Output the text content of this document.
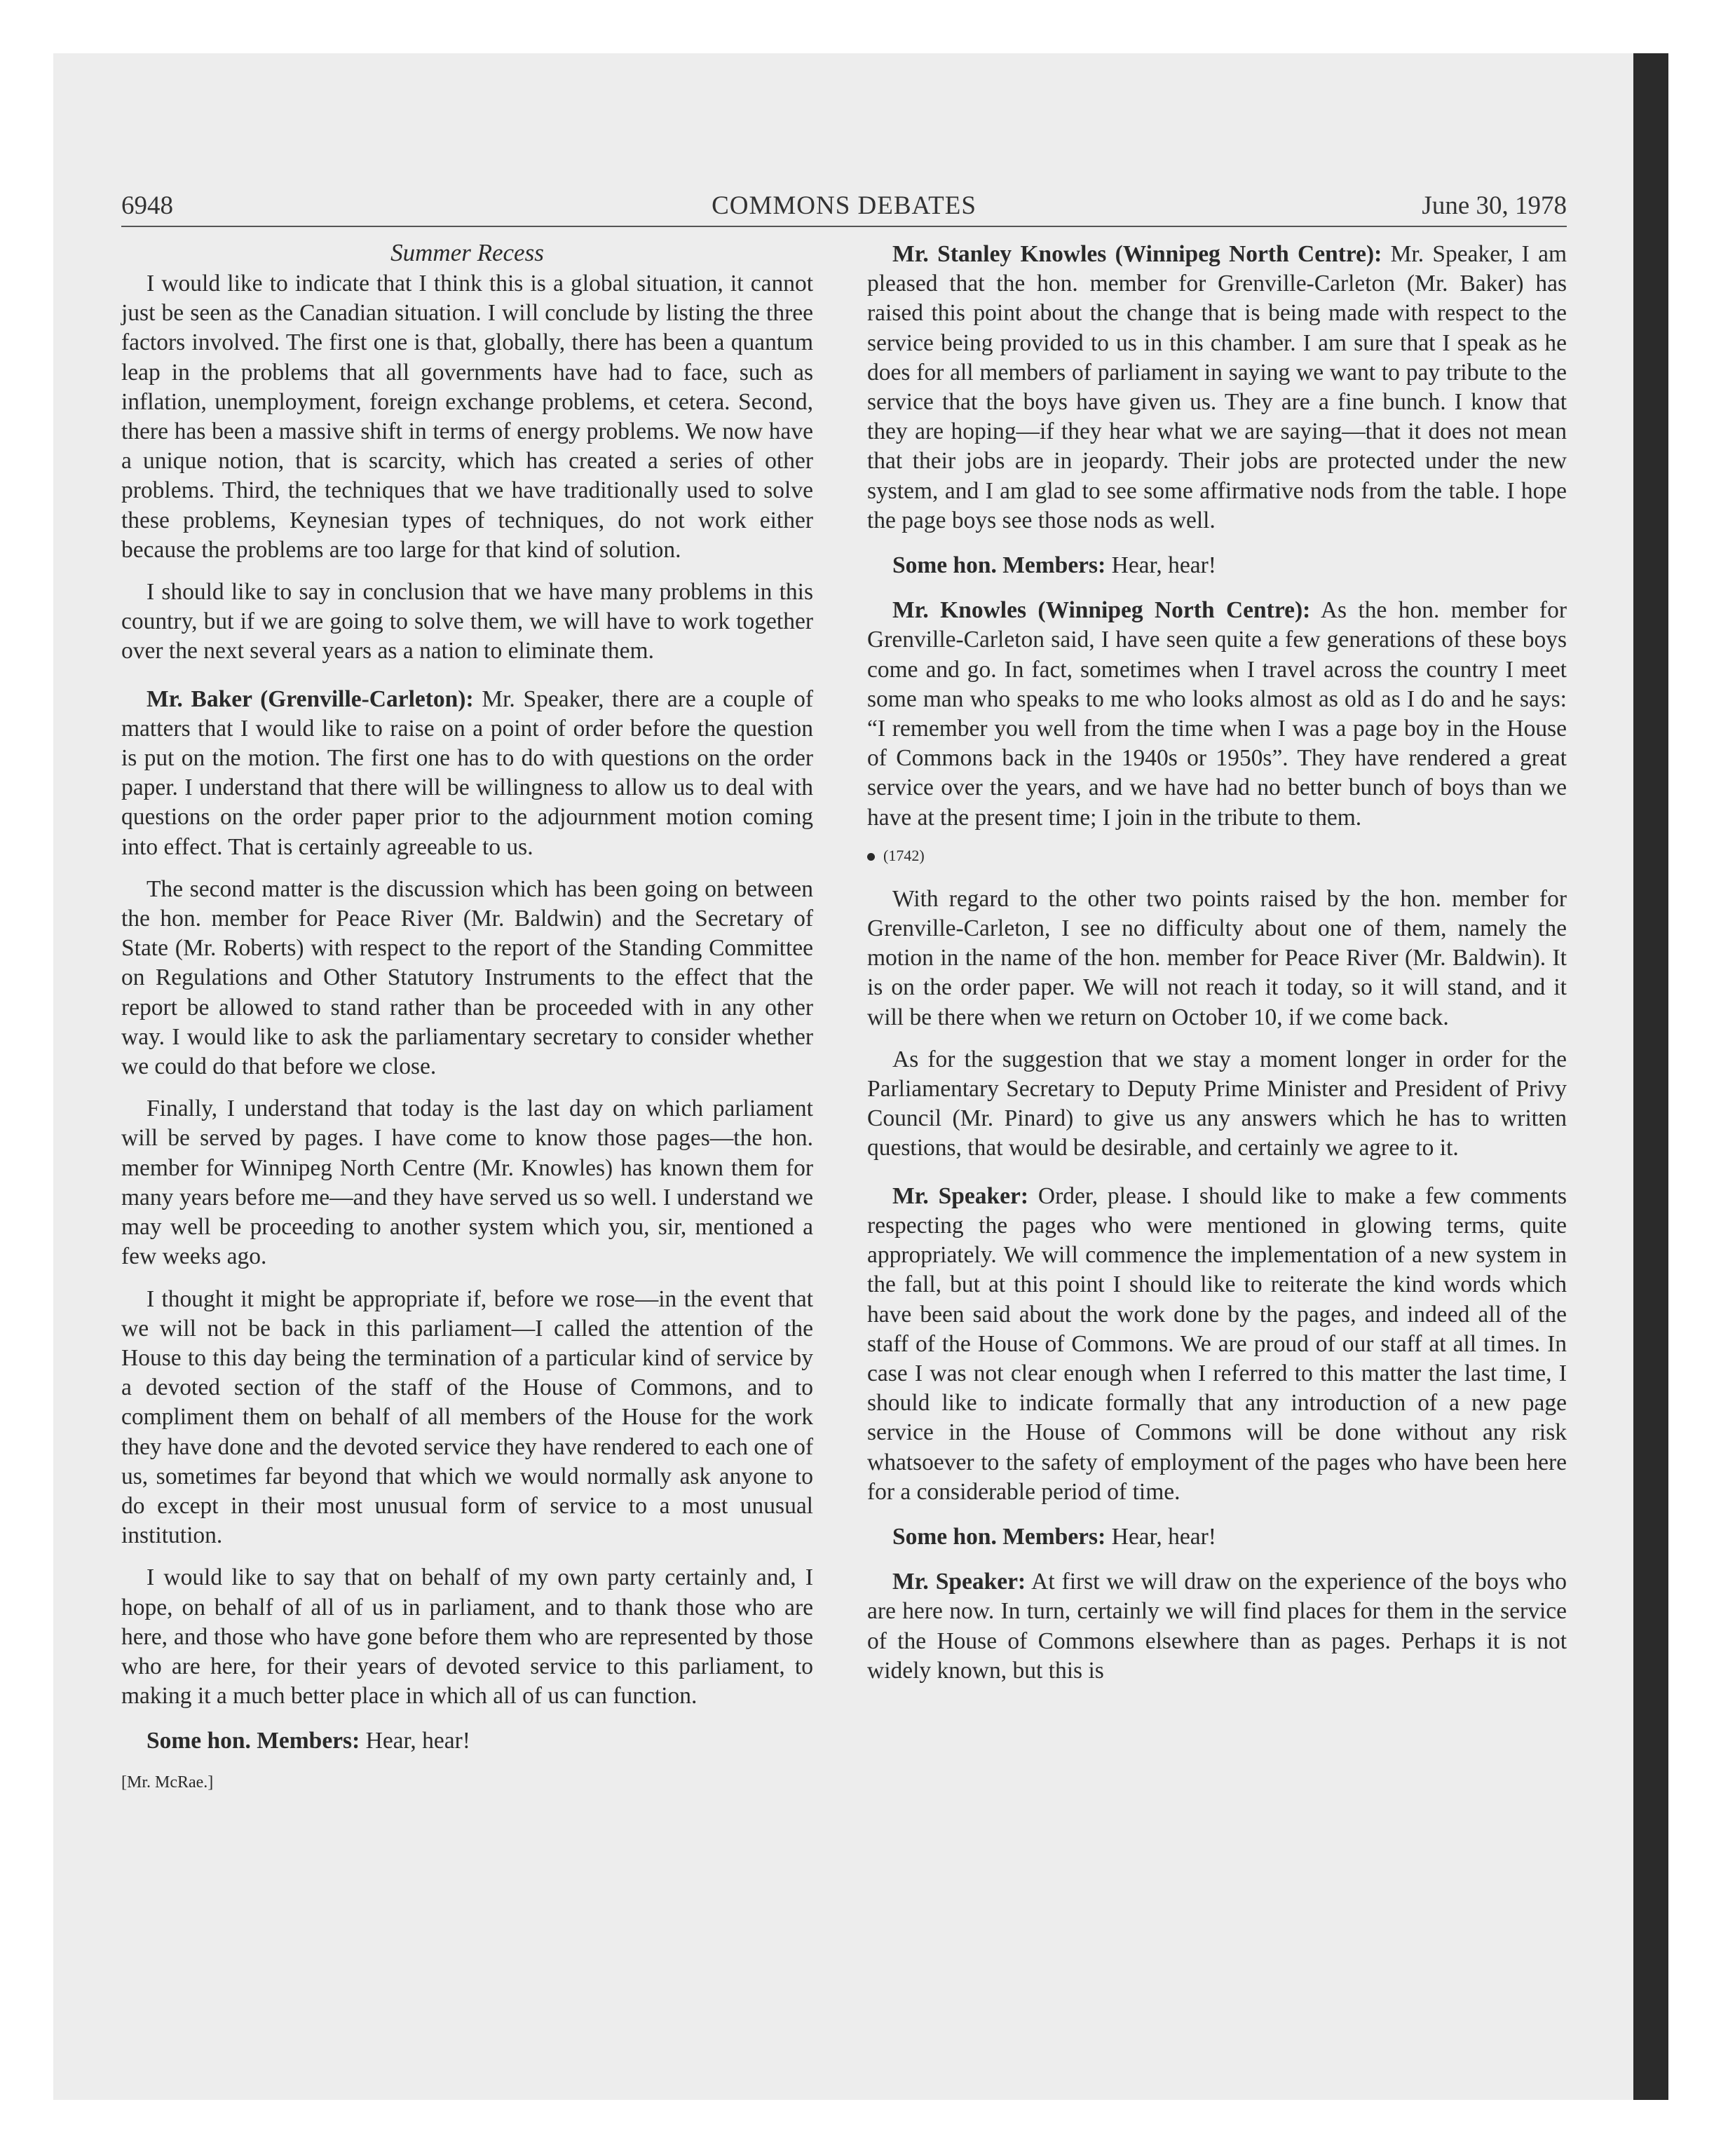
6948	COMMONS DEBATES	June 30, 1978
Summer Recess

I would like to indicate that I think this is a global situation, it cannot just be seen as the Canadian situation. I will conclude by listing the three factors involved. The first one is that, globally, there has been a quantum leap in the problems that all governments have had to face, such as inflation, unemployment, foreign exchange problems, et cetera. Second, there has been a massive shift in terms of energy problems. We now have a unique notion, that is scarcity, which has created a series of other problems. Third, the techniques that we have traditionally used to solve these problems, Keynesian types of techniques, do not work either because the problems are too large for that kind of solution.

I should like to say in conclusion that we have many problems in this country, but if we are going to solve them, we will have to work together over the next several years as a nation to eliminate them.

Mr. Baker (Grenville-Carleton): Mr. Speaker, there are a couple of matters that I would like to raise on a point of order before the question is put on the motion. The first one has to do with questions on the order paper. I understand that there will be willingness to allow us to deal with questions on the order paper prior to the adjournment motion coming into effect. That is certainly agreeable to us.

The second matter is the discussion which has been going on between the hon. member for Peace River (Mr. Baldwin) and the Secretary of State (Mr. Roberts) with respect to the report of the Standing Committee on Regulations and Other Statutory Instruments to the effect that the report be allowed to stand rather than be proceeded with in any other way. I would like to ask the parliamentary secretary to consider whether we could do that before we close.

Finally, I understand that today is the last day on which parliament will be served by pages. I have come to know those pages—the hon. member for Winnipeg North Centre (Mr. Knowles) has known them for many years before me—and they have served us so well. I understand we may well be proceeding to another system which you, sir, mentioned a few weeks ago.

I thought it might be appropriate if, before we rose—in the event that we will not be back in this parliament—I called the attention of the House to this day being the termination of a particular kind of service by a devoted section of the staff of the House of Commons, and to compliment them on behalf of all members of the House for the work they have done and the devoted service they have rendered to each one of us, sometimes far beyond that which we would normally ask anyone to do except in their most unusual form of service to a most unusual institution.

I would like to say that on behalf of my own party certainly and, I hope, on behalf of all of us in parliament, and to thank those who are here, and those who have gone before them who are represented by those who are here, for their years of devoted service to this parliament, to making it a much better place in which all of us can function.

Some hon. Members: Hear, hear!

[Mr. McRae.]

Mr. Stanley Knowles (Winnipeg North Centre): Mr. Speaker, I am pleased that the hon. member for Grenville-Carleton (Mr. Baker) has raised this point about the change that is being made with respect to the service being provided to us in this chamber. I am sure that I speak as he does for all members of parliament in saying we want to pay tribute to the service that the boys have given us. They are a fine bunch. I know that they are hoping—if they hear what we are saying—that it does not mean that their jobs are in jeopardy. Their jobs are protected under the new system, and I am glad to see some affirmative nods from the table. I hope the page boys see those nods as well.

Some hon. Members: Hear, hear!

Mr. Knowles (Winnipeg North Centre): As the hon. member for Grenville-Carleton said, I have seen quite a few generations of these boys come and go. In fact, sometimes when I travel across the country I meet some man who speaks to me who looks almost as old as I do and he says: “I remember you well from the time when I was a page boy in the House of Commons back in the 1940s or 1950s”. They have rendered a great service over the years, and we have had no better bunch of boys than we have at the present time; I join in the tribute to them.

(1742)

With regard to the other two points raised by the hon. member for Grenville-Carleton, I see no difficulty about one of them, namely the motion in the name of the hon. member for Peace River (Mr. Baldwin). It is on the order paper. We will not reach it today, so it will stand, and it will be there when we return on October 10, if we come back.

As for the suggestion that we stay a moment longer in order for the Parliamentary Secretary to Deputy Prime Minister and President of Privy Council (Mr. Pinard) to give us any answers which he has to written questions, that would be desirable, and certainly we agree to it.

Mr. Speaker: Order, please. I should like to make a few comments respecting the pages who were mentioned in glowing terms, quite appropriately. We will commence the implementation of a new system in the fall, but at this point I should like to reiterate the kind words which have been said about the work done by the pages, and indeed all of the staff of the House of Commons. We are proud of our staff at all times. In case I was not clear enough when I referred to this matter the last time, I should like to indicate formally that any introduction of a new page service in the House of Commons will be done without any risk whatsoever to the safety of employment of the pages who have been here for a considerable period of time.

Some hon. Members: Hear, hear!

Mr. Speaker: At first we will draw on the experience of the boys who are here now. In turn, certainly we will find places for them in the service of the House of Commons elsewhere than as pages. Perhaps it is not widely known, but this is
